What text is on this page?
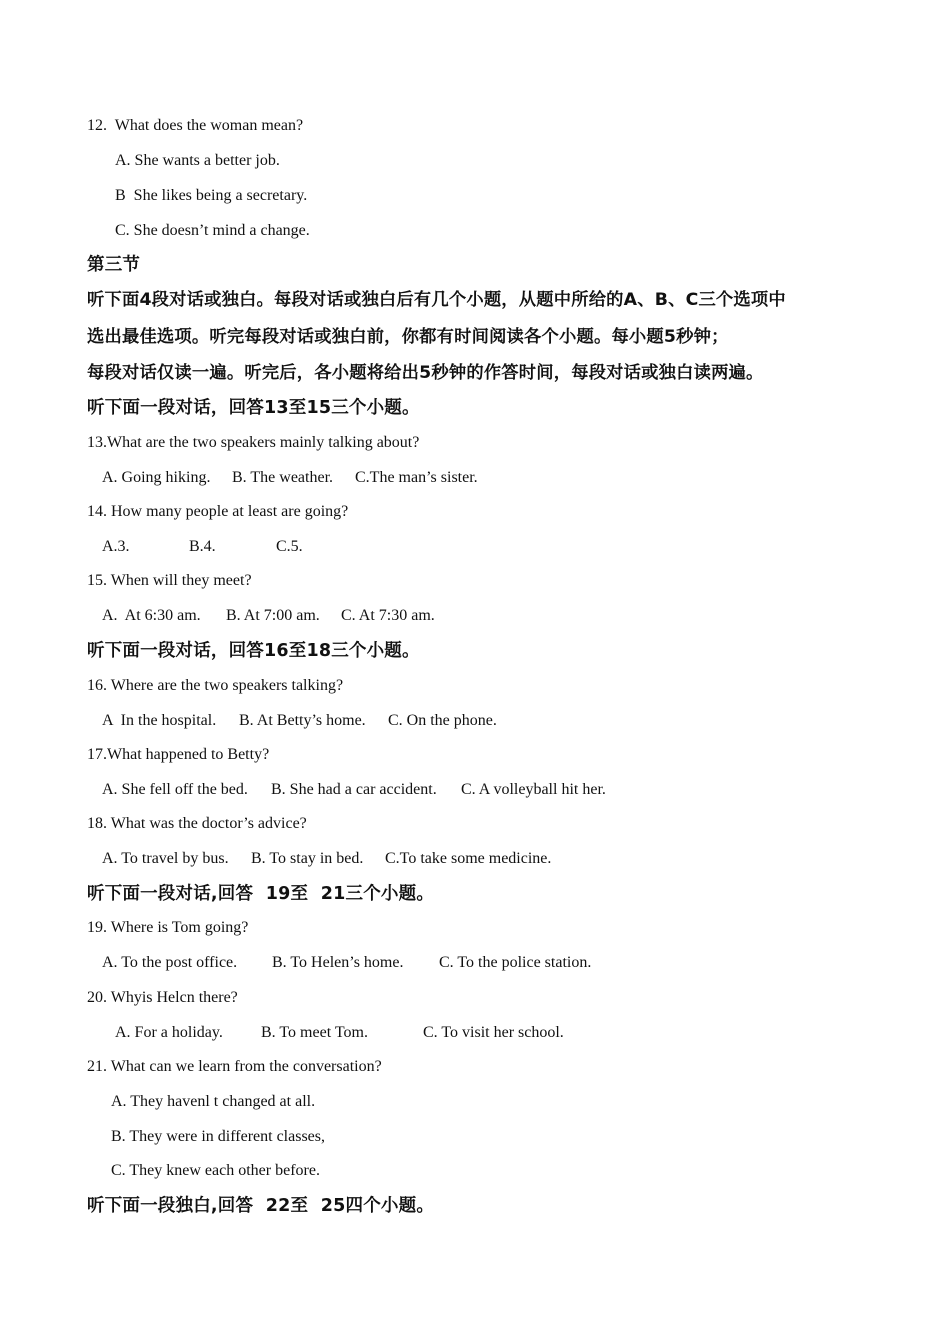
12.  What does the woman mean?
A. She wants a better job.
B  She likes being a secretary.
C. She doesn’t mind a change.
第三节
听下面4段对话或独白。每段对话或独白后有几个小题，从题中所给的A、B、C三个选项中
选出最佳选项。听完每段对话或独白前，你都有时间阅读各个小题。每小题5秒钟；
每段对话仅读一遍。听完后，各小题将给出5秒钟的作答时间，每段对话或独白读两遍。
听下面一段对话，回答13至15三个小题。
13.What are the two speakers mainly talking about?
A. Going hiking. B. The weather. C.The man’s sister.
14. How many people at least are going?
A.3.	B.4.	C.5.
15. When will they meet?
A.  At 6:30 am. B. At 7:00 am. C. At 7:30 am.
听下面一段对话，回答16至18三个小题。
16. Where are the two speakers talking?
A  In the hospital. B. At Betty’s home. C. On the phone.
17.What happened to Betty?
A. She fell off the bed. B. She had a car accident. C. A volleyball hit her.
18. What was the doctor’s advice?
A. To travel by bus. B. To stay in bed. C.To take some medicine.
听下面一段对话,回答  19至  21三个小题。
19. Where is Tom going?
A. To the post office. B. To Helen’s home. C. To the police station.
20. Whyis Helcn there?
A. For a holiday. B. To meet Tom.	C. To visit her school.
21. What can we learn from the conversation?
A. They havenl t changed at all.
B. They were in different classes,
C. They knew each other before.
听下面一段独白,回答  22至  25四个小题。
